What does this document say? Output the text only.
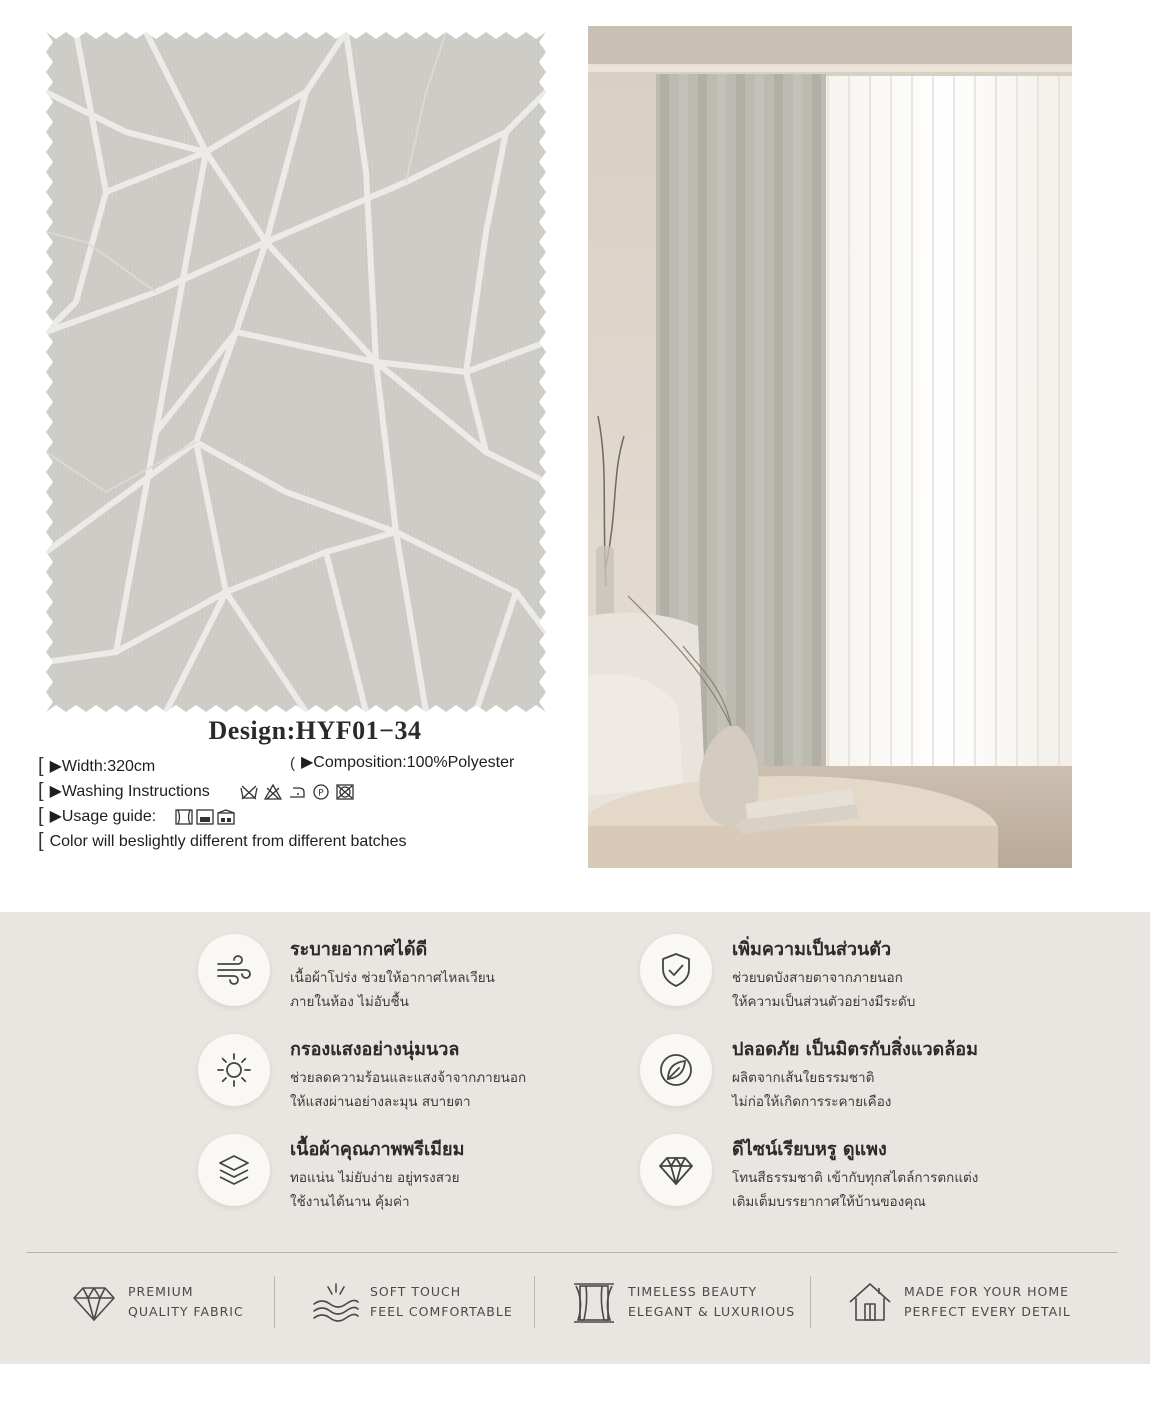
Design:HYF01−34
[ ▶Width:320cm	( ▶Composition:100%Polyester
[ ▶Washing Instructions	P
[ ▶Usage guide:
[ Color will beslightly different from different batches
ระบายอากาศได้ดี
เนื้อผ้าโปร่ง ช่วยให้อากาศไหลเวียน
ภายในห้อง ไม่อับชื้น
เพิ่มความเป็นส่วนตัว
ช่วยบดบังสายตาจากภายนอก
ให้ความเป็นส่วนตัวอย่างมีระดับ
กรองแสงอย่างนุ่มนวล
ช่วยลดความร้อนและแสงจ้าจากภายนอก
ให้แสงผ่านอย่างละมุน สบายตา
ปลอดภัย เป็นมิตรกับสิ่งแวดล้อม
ผลิตจากเส้นใยธรรมชาติ
ไม่ก่อให้เกิดการระคายเคือง
เนื้อผ้าคุณภาพพรีเมียม
ทอแน่น ไม่ยับง่าย อยู่ทรงสวย
ใช้งานได้นาน คุ้มค่า
ดีไซน์เรียบหรู ดูแพง
โทนสีธรรมชาติ เข้ากับทุกสไตล์การตกแต่ง
เติมเต็มบรรยากาศให้บ้านของคุณ
PREMIUM
QUALITY FABRIC
SOFT TOUCH
FEEL COMFORTABLE
TIMELESS BEAUTY
ELEGANT & LUXURIOUS
MADE FOR YOUR HOME
PERFECT EVERY DETAIL
